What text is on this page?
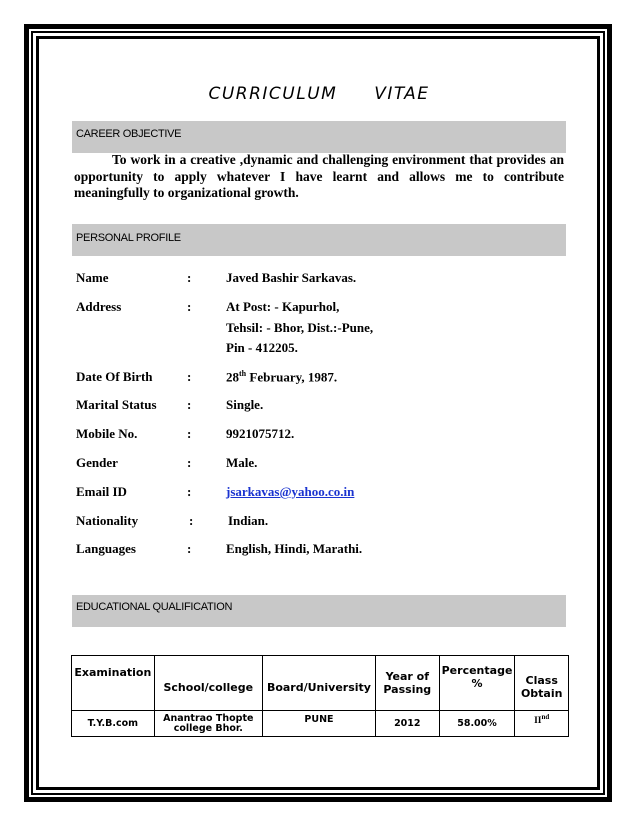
CURRICULUM VITAE
CAREER OBJECTIVE
To work in a creative ,dynamic and challenging environment that provides an opportunity to apply whatever I have learnt and allows me to contribute meaningfully to organizational growth.
PERSONAL PROFILE
Name	:	Javed Bashir Sarkavas.
Address	:	At Post: - Kapurhol,
Tehsil: - Bhor, Dist.:-Pune,
Pin - 412205.
Date Of Birth	:	28th February, 1987.
Marital Status :	Single.
Mobile No.	:	9921075712.
Gender	:	Male.
Email ID	:	jsarkavas@yahoo.co.in
Nationality	:	Indian.
Languages	:	English, Hindi, Marathi.
EDUCATIONAL QUALIFICATION
Examination	School/college	Board/University	Year of Passing	Percentage %	Class Obtain
T.Y.B.com	Anantrao Thopte college Bhor.	PUNE	2012	58.00%	IInd
